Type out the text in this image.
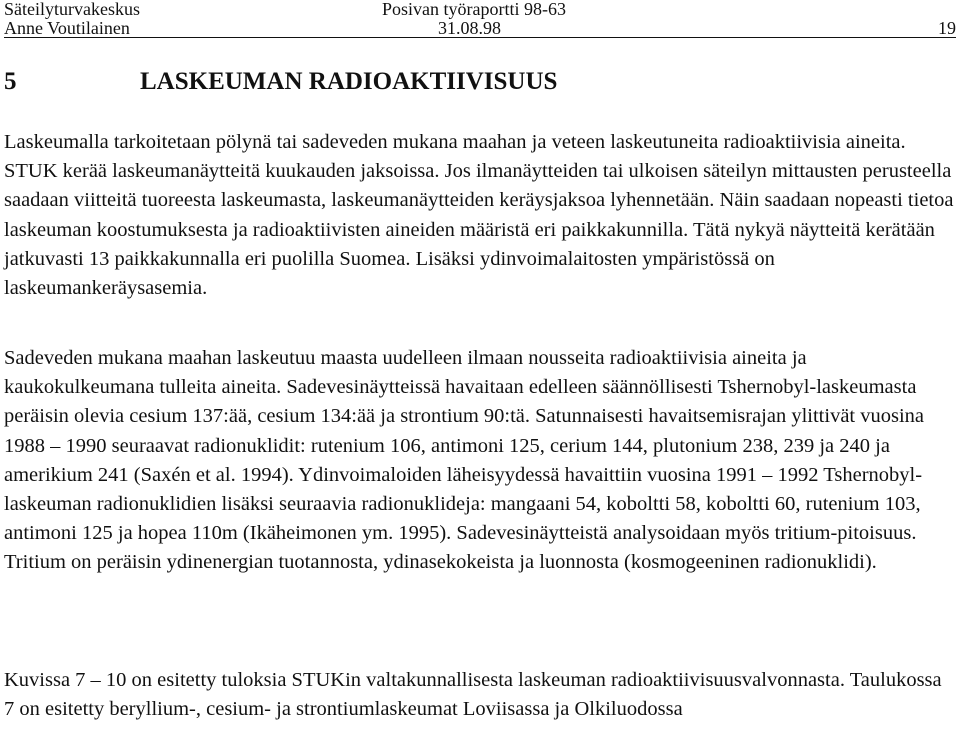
Säteilyturvakeskus
Anne Voutilainen
Posivan työraportti 98-63
31.08.98	19
5	LASKEUMAN RADIOAKTIIVISUUS

Laskeumalla tarkoitetaan pölynä tai sadeveden mukana maahan ja veteen laskeutuneita radioaktiivisia aineita. STUK kerää laskeumanäytteitä kuukauden jaksoissa. Jos ilmanäytteiden tai ulkoisen säteilyn mittausten perusteella saadaan viitteitä tuoreesta laskeumasta, laskeumanäytteiden keräysjaksoa lyhennetään. Näin saadaan nopeasti tietoa laskeuman koostumuksesta ja radioaktiivisten aineiden määristä eri paikkakunnilla. Tätä nykyä näytteitä kerätään jatkuvasti 13 paikkakunnalla eri puolilla Suomea. Lisäksi ydinvoimalaitosten ympäristössä on laskeumankeräysasemia.

Sadeveden mukana maahan laskeutuu maasta uudelleen ilmaan nousseita radioaktiivisia aineita ja kaukokulkeumana tulleita aineita. Sadevesinäytteissä havaitaan edelleen säännöllisesti Tshernobyl-laskeumasta peräisin olevia cesium 137:ää, cesium 134:ää ja strontium 90:tä. Satunnaisesti havaitsemisrajan ylittivät vuosina 1988 – 1990 seuraavat radionuklidit: rutenium 106, antimoni 125, cerium 144, plutonium 238, 239 ja 240 ja amerikium 241 (Saxén et al. 1994). Ydinvoimaloiden läheisyydessä havaittiin vuosina 1991 – 1992 Tshernobyl-laskeuman radionuklidien lisäksi seuraavia radionuklideja: mangaani 54, koboltti 58, koboltti 60, rutenium 103, antimoni 125 ja hopea 110m (Ikäheimonen ym. 1995). Sadevesinäytteistä analysoidaan myös tritium-pitoisuus. Tritium on peräisin ydinenergian tuotannosta, ydinasekokeista ja luonnosta (kosmogeeninen radionuklidi).

Kuvissa 7 – 10 on esitetty tuloksia STUKin valtakunnallisesta laskeuman radioaktiivisuusvalvonnasta. Taulukossa 7 on esitetty beryllium-, cesium- ja strontiumlaskeumat Loviisassa ja Olkiluodossa
